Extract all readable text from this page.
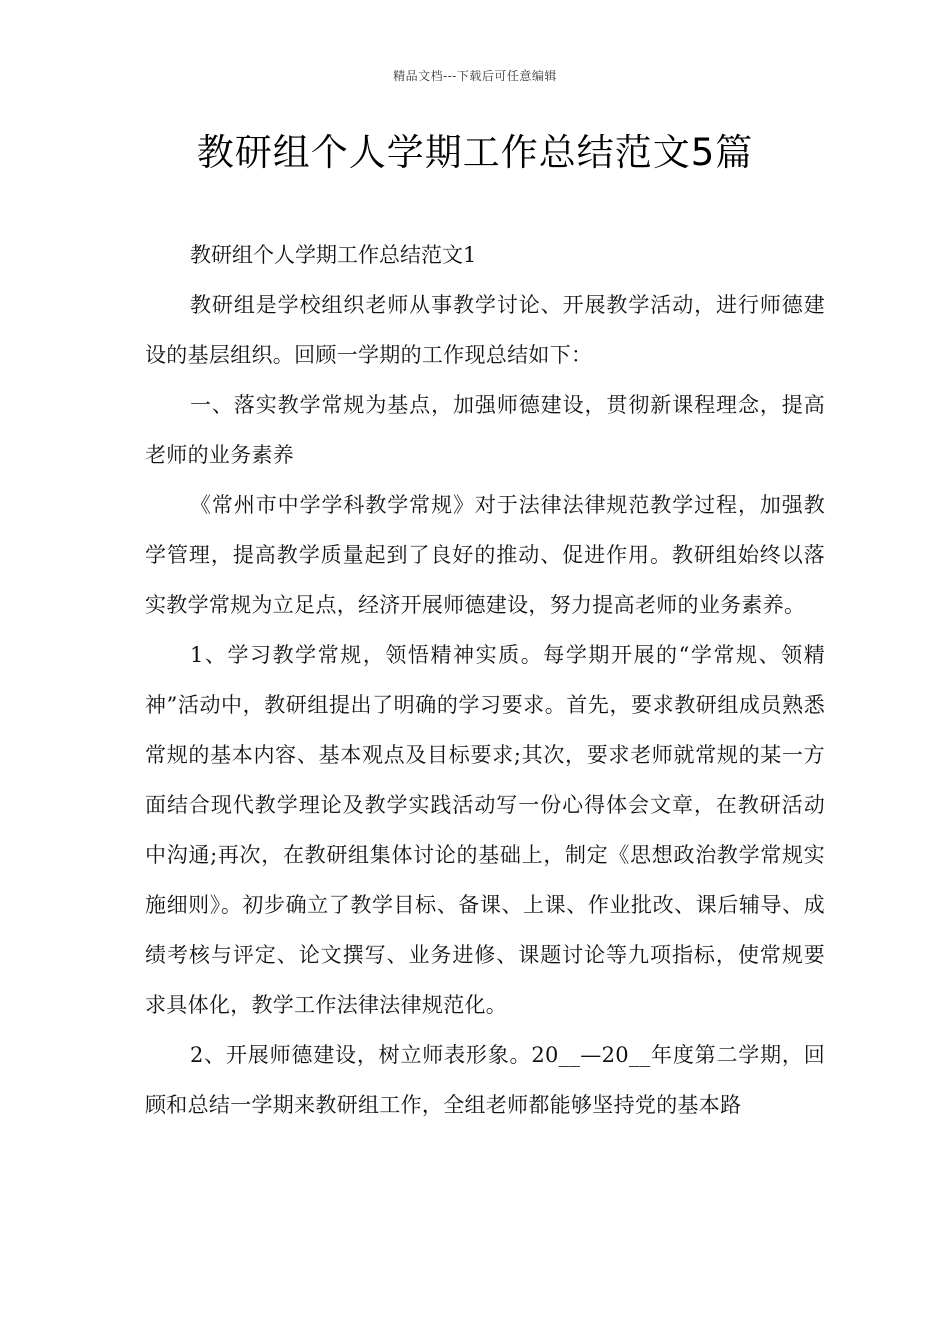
精品文档---下载后可任意编辑
教研组个人学期工作总结范文5篇

教研组个人学期工作总结范文1

教研组是学校组织老师从事教学讨论、开展教学活动，进行师德建设的基层组织。回顾一学期的工作现总结如下：

一、落实教学常规为基点，加强师德建设，贯彻新课程理念，提高老师的业务素养

《常州市中学学科教学常规》对于法律法律规范教学过程，加强教学管理，提高教学质量起到了良好的推动、促进作用。教研组始终以落实教学常规为立足点，经济开展师德建设，努力提高老师的业务素养。

1、学习教学常规，领悟精神实质。每学期开展的“学常规、领精神”活动中，教研组提出了明确的学习要求。首先，要求教研组成员熟悉常规的基本内容、基本观点及目标要求;其次，要求老师就常规的某一方面结合现代教学理论及教学实践活动写一份心得体会文章，在教研活动中沟通;再次，在教研组集体讨论的基础上，制定《思想政治教学常规实施细则》。初步确立了教学目标、备课、上课、作业批改、课后辅导、成绩考核与评定、论文撰写、业务进修、课题讨论等九项指标，使常规要求具体化，教学工作法律法律规范化。

2、开展师德建设，树立师表形象。20__—20__年度第二学期，回顾和总结一学期来教研组工作，全组老师都能够坚持党的基本路
